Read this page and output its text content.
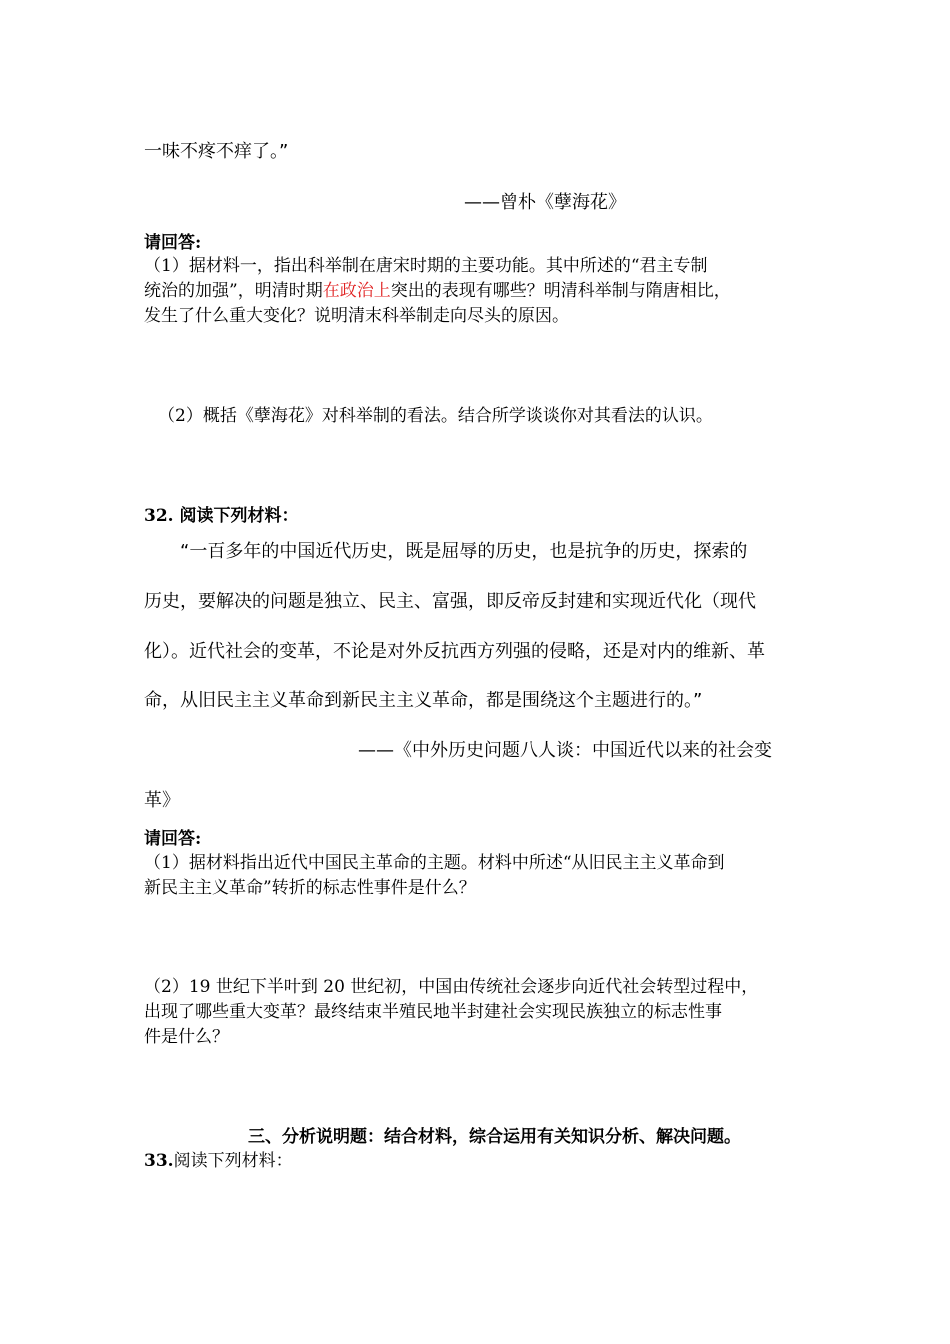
一味不疼不痒了。”

——曾朴《孽海花》

请回答:

（1）据材料一，指出科举制在唐宋时期的主要功能。其中所述的“君主专制

统治的加强”，明清时期在政治上突出的表现有哪些？明清科举制与隋唐相比，

发生了什么重大变化？说明清末科举制走向尽头的原因。

（2）概括《孽海花》对科举制的看法。结合所学谈谈你对其看法的认识。

32. 阅读下列材料：

“一百多年的中国近代历史，既是屈辱的历史，也是抗争的历史，探索的

历史，要解决的问题是独立、民主、富强，即反帝反封建和实现近代化（现代

化）。近代社会的变革，不论是对外反抗西方列强的侵略，还是对内的维新、革

命，从旧民主主义革命到新民主主义革命，都是围绕这个主题进行的。”

——《中外历史问题八人谈：中国近代以来的社会变

革》

请回答:

（1）据材料指出近代中国民主革命的主题。材料中所述“从旧民主主义革命到

新民主主义革命”转折的标志性事件是什么？

（2）19 世纪下半叶到 20 世纪初，中国由传统社会逐步向近代社会转型过程中，

出现了哪些重大变革？最终结束半殖民地半封建社会实现民族独立的标志性事

件是什么？

三、分析说明题：结合材料，综合运用有关知识分析、解决问题。

33.阅读下列材料：
